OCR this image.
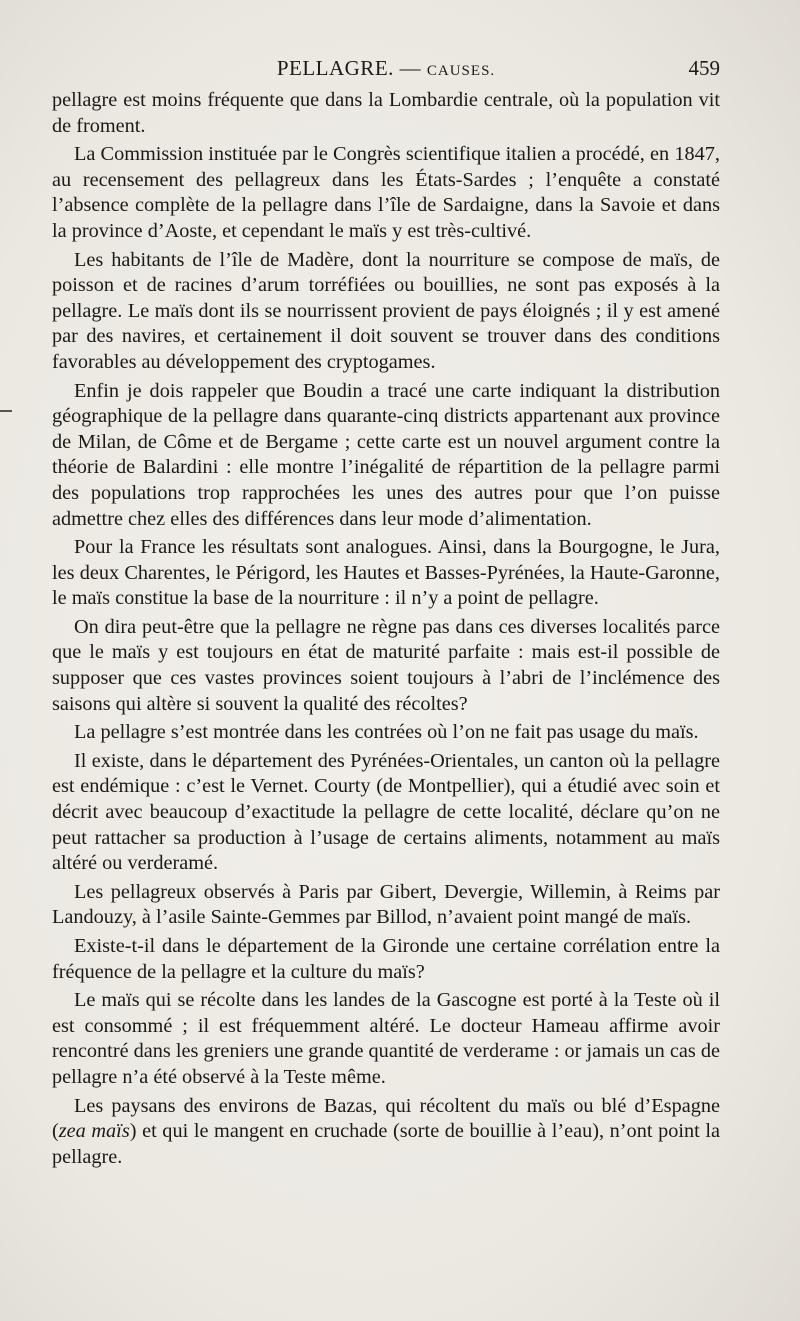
PELLAGRE. — CAUSES.	459

pellagre est moins fréquente que dans la Lombardie centrale, où la population vit de froment.

La Commission instituée par le Congrès scientifique italien a procédé, en 1847, au recensement des pellagreux dans les États-Sardes ; l’enquête a constaté l’absence complète de la pellagre dans l’île de Sardaigne, dans la Savoie et dans la province d’Aoste, et cependant le maïs y est très-cultivé.

Les habitants de l’île de Madère, dont la nourriture se compose de maïs, de poisson et de racines d’arum torréfiées ou bouillies, ne sont pas exposés à la pellagre. Le maïs dont ils se nourrissent provient de pays éloignés ; il y est amené par des navires, et certainement il doit souvent se trouver dans des conditions favorables au développement des cryptogames.

Enfin je dois rappeler que Boudin a tracé une carte indiquant la distribution géographique de la pellagre dans quarante-cinq districts appartenant aux province de Milan, de Côme et de Bergame ; cette carte est un nouvel argument contre la théorie de Balardini : elle montre l’inégalité de répartition de la pellagre parmi des populations trop rapprochées les unes des autres pour que l’on puisse admettre chez elles des différences dans leur mode d’alimentation.

Pour la France les résultats sont analogues. Ainsi, dans la Bourgogne, le Jura, les deux Charentes, le Périgord, les Hautes et Basses-Pyrénées, la Haute-Garonne, le maïs constitue la base de la nourriture : il n’y a point de pellagre.

On dira peut-être que la pellagre ne règne pas dans ces diverses localités parce que le maïs y est toujours en état de maturité parfaite : mais est-il possible de supposer que ces vastes provinces soient toujours à l’abri de l’inclémence des saisons qui altère si souvent la qualité des récoltes?

La pellagre s’est montrée dans les contrées où l’on ne fait pas usage du maïs.

Il existe, dans le département des Pyrénées-Orientales, un canton où la pellagre est endémique : c’est le Vernet. Courty (de Montpellier), qui a étudié avec soin et décrit avec beaucoup d’exactitude la pellagre de cette localité, déclare qu’on ne peut rattacher sa production à l’usage de certains aliments, notamment au maïs altéré ou verderamé.

Les pellagreux observés à Paris par Gibert, Devergie, Willemin, à Reims par Landouzy, à l’asile Sainte-Gemmes par Billod, n’avaient point mangé de maïs.

Existe-t-il dans le département de la Gironde une certaine corrélation entre la fréquence de la pellagre et la culture du maïs?

Le maïs qui se récolte dans les landes de la Gascogne est porté à la Teste où il est consommé ; il est fréquemment altéré. Le docteur Hameau affirme avoir rencontré dans les greniers une grande quantité de verderame : or jamais un cas de pellagre n’a été observé à la Teste même.

Les paysans des environs de Bazas, qui récoltent du maïs ou blé d’Espagne (zea maïs) et qui le mangent en cruchade (sorte de bouillie à l’eau), n’ont point la pellagre.
